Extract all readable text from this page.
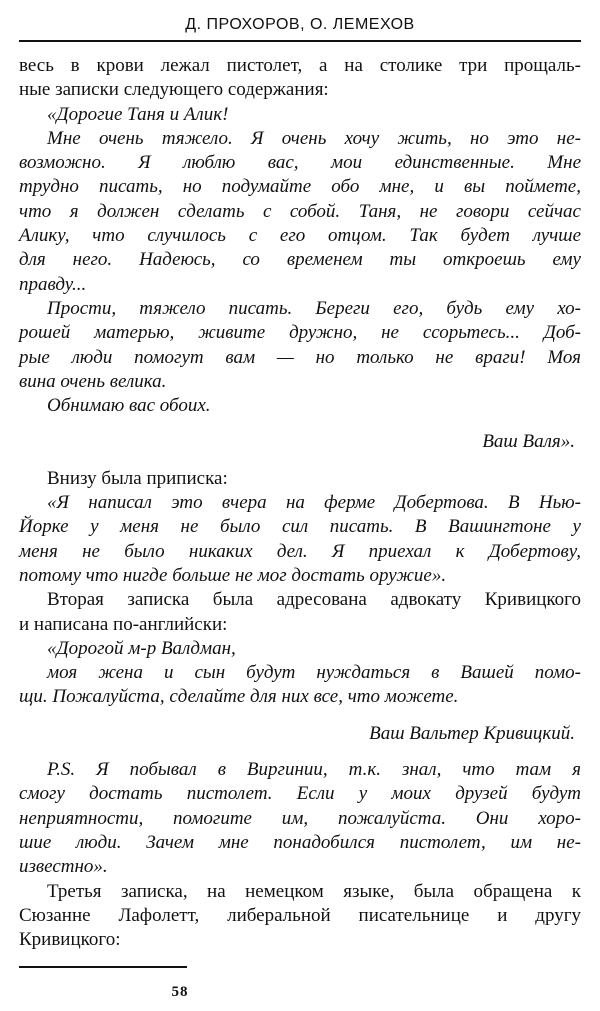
Д. ПРОХОРОВ, О. ЛЕМЕХОВ
весь в крови лежал пистолет, а на столике три прощаль-
ные записки следующего содержания:
«Дорогие Таня и Алик!
Мне очень тяжело. Я очень хочу жить, но это не-
возможно. Я люблю вас, мои единственные. Мне
трудно писать, но подумайте обо мне, и вы поймете,
что я должен сделать с собой. Таня, не говори сейчас
Алику, что случилось с его отцом. Так будет лучше
для него. Надеюсь, со временем ты откроешь ему
правду...
Прости, тяжело писать. Береги его, будь ему хо-
рошей матерью, живите дружно, не ссорьтесь... Доб-
рые люди помогут вам — но только не враги! Моя
вина очень велика.
Обнимаю вас обоих.
Ваш Валя».
Внизу была приписка:
«Я написал это вчера на ферме Добертова. В Нью-
Йорке у меня не было сил писать. В Вашингтоне у
меня не было никаких дел. Я приехал к Добертову,
потому что нигде больше не мог достать оружие».
Вторая записка была адресована адвокату Кривицкого
и написана по-английски:
«Дорогой м-р Валдман,
моя жена и сын будут нуждаться в Вашей помо-
щи. Пожалуйста, сделайте для них все, что можете.
Ваш Вальтер Кривицкий.
P.S. Я побывал в Виргинии, т.к. знал, что там я
смогу достать пистолет. Если у моих друзей будут
неприятности, помогите им, пожалуйста. Они хоро-
шие люди. Зачем мне понадобился пистолет, им не-
известно».
Третья записка, на немецком языке, была обращена к
Сюзанне Лафолетт, либеральной писательнице и другу
Кривицкого:
58
